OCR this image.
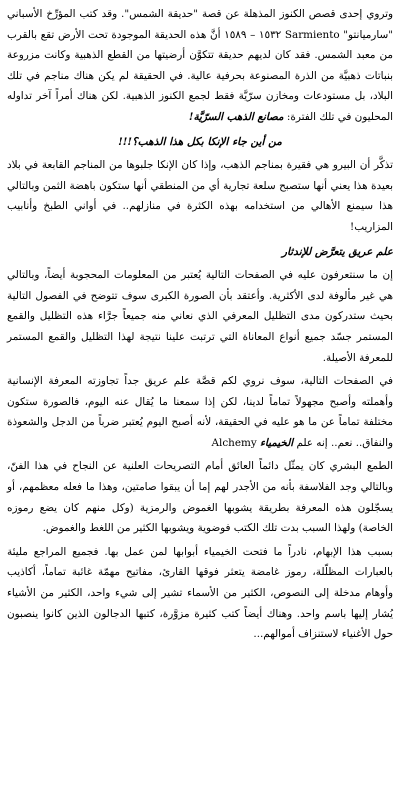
وتروي إحدى قصص الكنوز المذهلة عن قصة "حديقة الشمس". وقد كتب المؤرِّخ الأسباني "سارميانتو" Sarmiento ١٥٣٢ – ١٥٨٩ أنَّ هذه الحديقة الموجودة تحت الأرض تقع بالقرب من معبد الشمس. فقد كان لديهم حديقة تتكوَّن أرضيتها من القطع الذهبية وكانت مزروعة بنباتات ذهبيَّة من الذرة المصنوعة بحرفية عالية. في الحقيقة لم يكن هناك مناجم في تلك البلاد، بل مستودعات ومخازن سرّيَّة فقط لجمع الكنوز الذهبية. لكن هناك أمراً آخر تداوله المحليون في تلك الفترة: مصانع الذهب السرّيَّة!

من أين جاء الإنكا بكل هذا الذهب؟!!!

تذكَّر أن البيرو هي فقيرة بمناجم الذهب، وإذا كان الإنكا جلبوها من المناجم القابعة في بلاد بعيدة هذا يعني أنها ستصبح سلعة تجارية أي من المنطقي أنها ستكون باهضة الثمن وبالتالي هذا سيمنع الأهالي من استخدامه بهذه الكثرة في منازلهم.. في أواني الطبخ وأنابيب المزاريب!

علم عريق يتعرَّض للإندثار

إن ما سنتعرفون عليه في الصفحات التالية يُعتبر من المعلومات المحجوبة أيضاً، وبالتالي هي غير مألوفة لدى الأكثرية. وأعتقد بأن الصورة الكبرى سوف تتوضح في الفصول التالية بحيث ستدركون مدى التظليل المعرفي الذي نعاني منه جميعاً جرَّاء هذه التظليل والقمع المستمر جسّد جميع أنواع المعاناة التي ترتبت علينا نتيجة لهذا التظليل والقمع المستمر للمعرفة الأصيلة.

في الصفحات التالية، سوف نروي لكم قصَّة علم عريق جداً تجاوزته المعرفة الإنسانية وأهملته وأصبح مجهولاً تماماً لدينا، لكن إذا سمعنا ما يُقال عنه اليوم، فالصورة ستكون مختلفة تماماً عن ما هو عليه في الحقيقة، لأنه أصبح اليوم يُعتبر ضرباً من الدجل والشعوذة والنفاق.. نعم.. إنه علم الخيمياء Alchemy

الطمع البشري كان يمثّل دائماً العائق أمام التصريحات العلنية عن النجاح في هذا الفنّ، وبالتالي وجد الفلاسفة بأنه من الأجدر لهم إما أن يبقوا صامتين، وهذا ما فعله معظمهم، أو يسجّلون هذه المعرفة بطريقة يشوبها الغموض والرمزية (وكل منهم كان يضع رموزه الخاصة) ولهذا السبب بدت تلك الكتب فوضوية ويشوبها الكثير من اللغط والغموض.

بسبب هذا الإبهام، نادراً ما فتحت الخيمياء أبوابها لمن عمل بها. فجميع المراجع مليئة بالعبارات المظلّلة، رموز غامضة يتعثر فوقها القارئ، مفاتيح مهمّة غائبة تماماً، أكاذيب وأوهام مدخلة إلى النصوص، الكثير من الأسماء تشير إلى شيء واحد، الكثير من الأشياء يُشار إليها باسم واحد. وهناك أيضاً كتب كثيرة مزوَّرة، كتبها الدجالون الذين كانوا ينصبون حول الأغنياء لاستنزاف أموالهم...
